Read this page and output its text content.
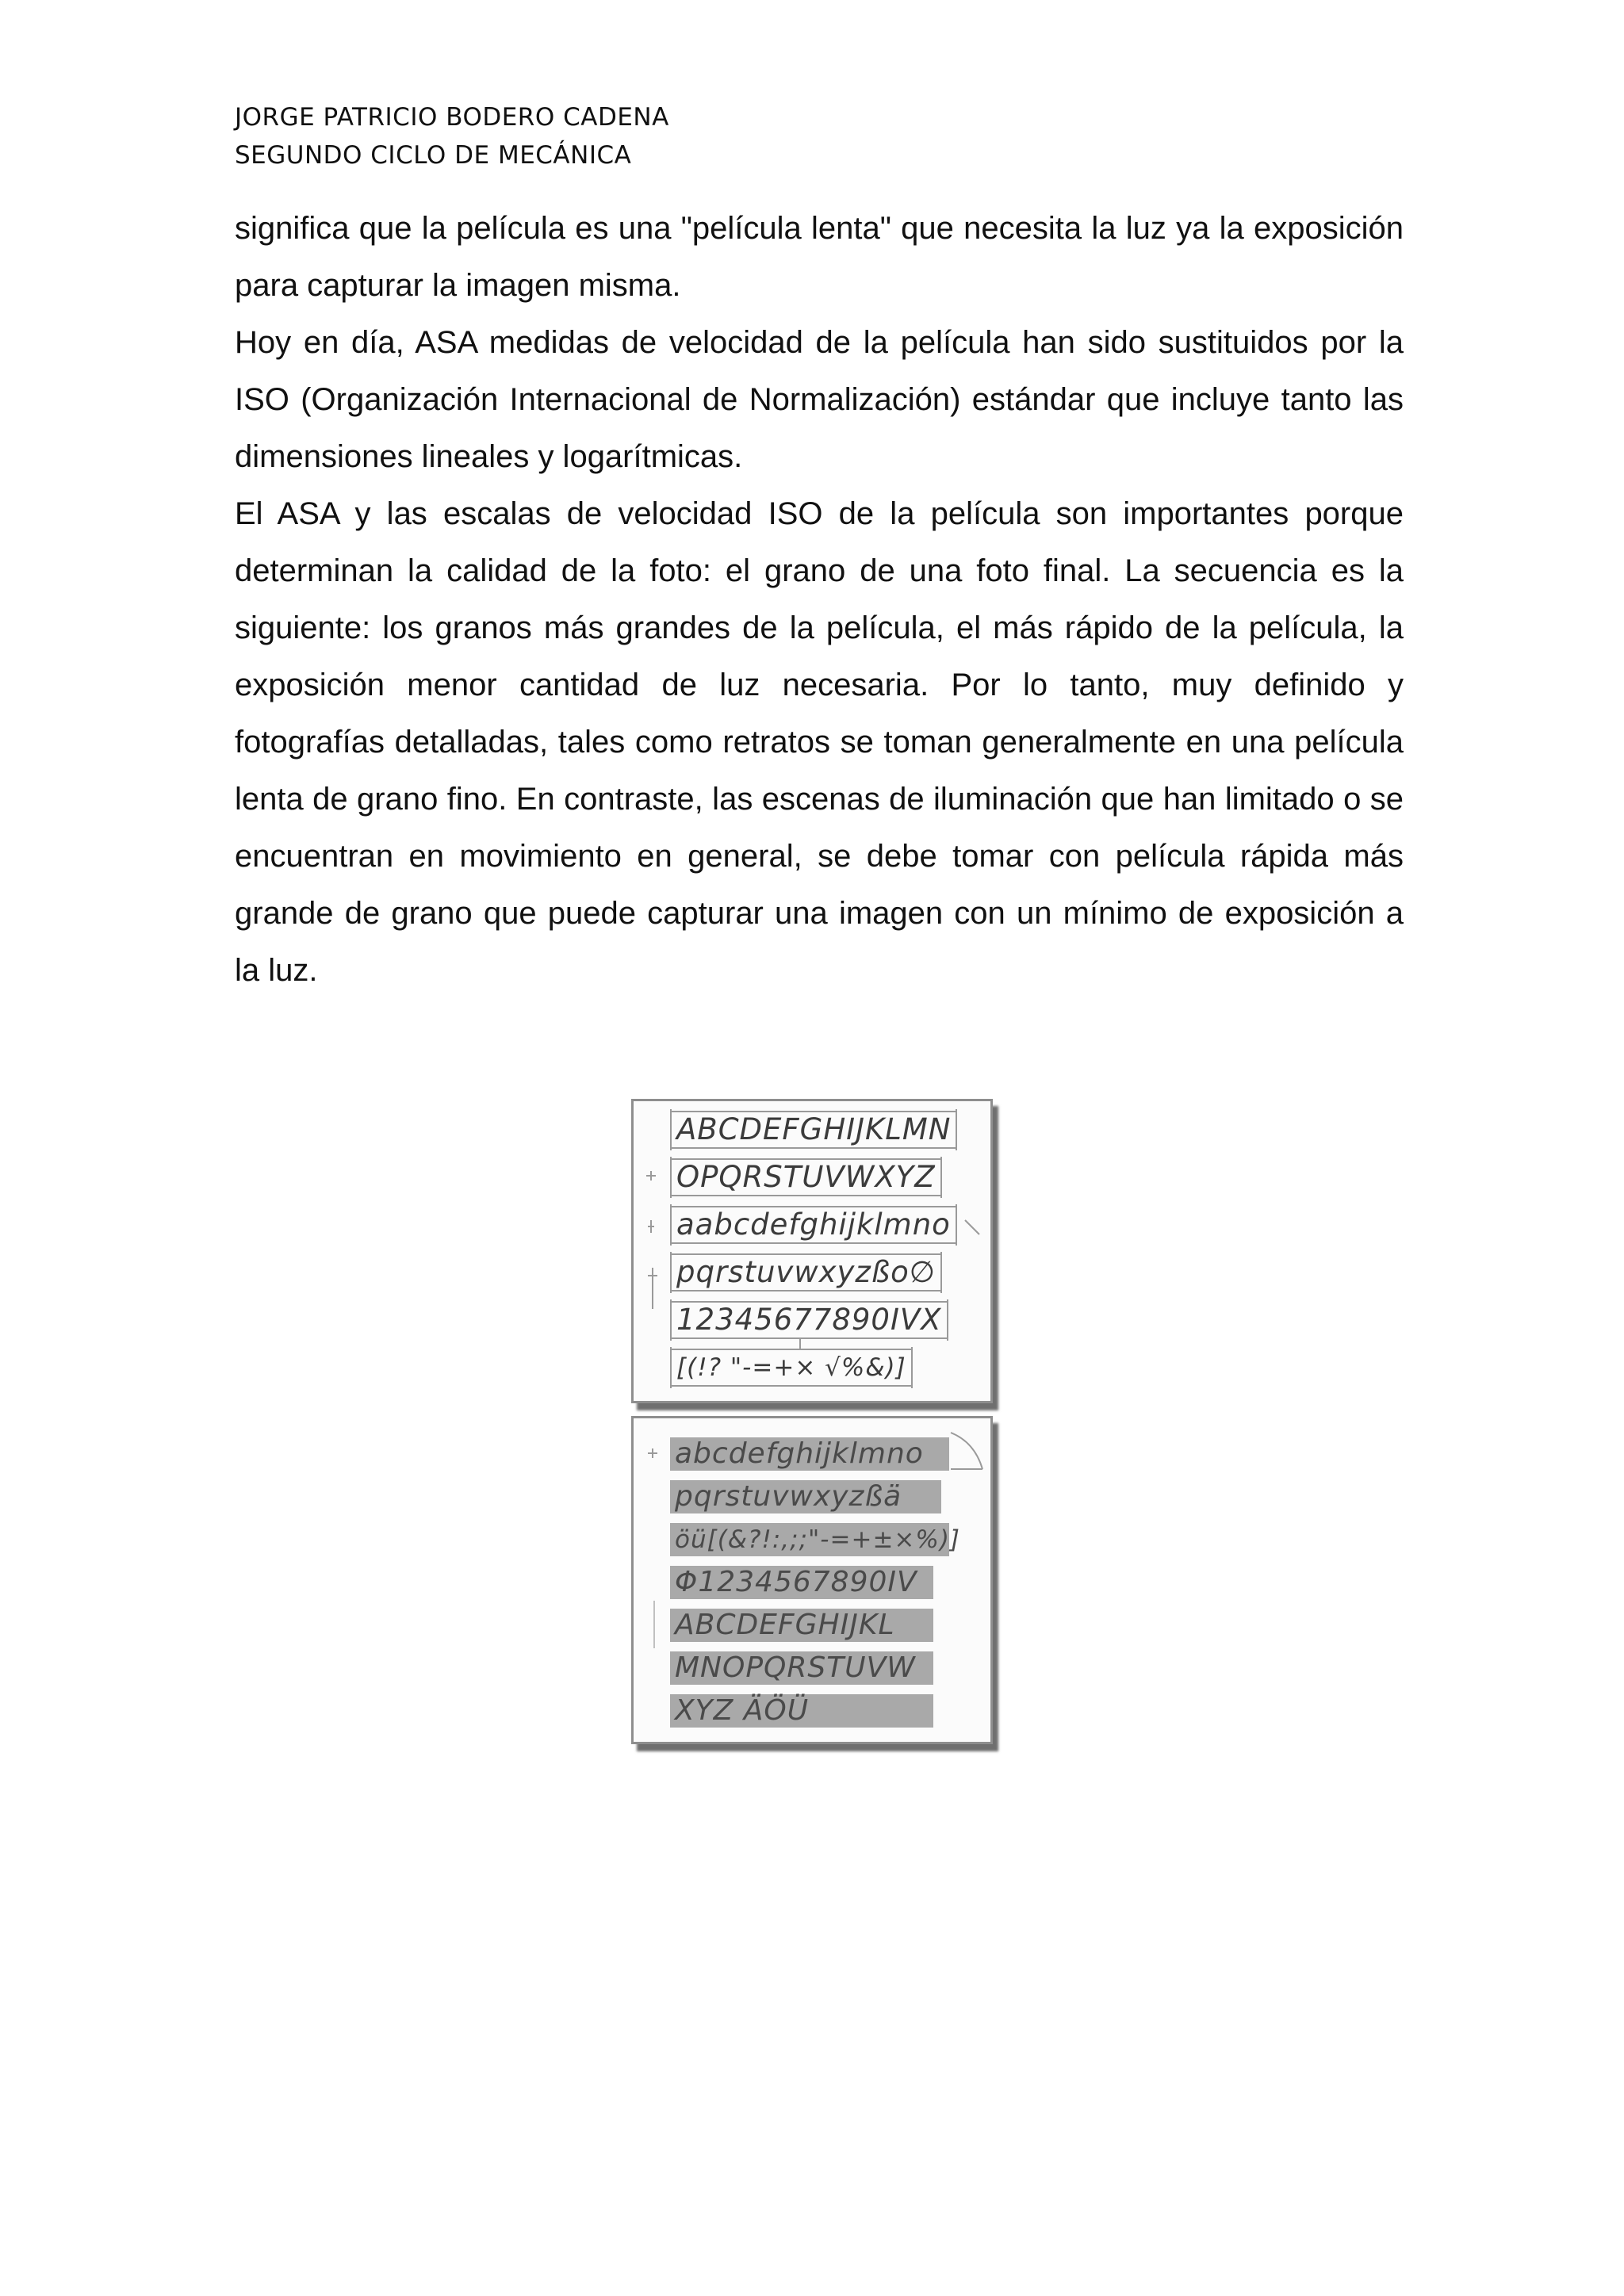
JORGE PATRICIO BODERO CADENA
SEGUNDO CICLO DE MECÁNICA

significa que la película es una "película lenta" que necesita la luz ya la exposición para capturar la imagen misma.

Hoy en día, ASA medidas de velocidad de la película han sido sustituidos por la ISO (Organización Internacional de Normalización) estándar que incluye tanto las dimensiones lineales y logarítmicas.

El ASA y las escalas de velocidad ISO de la película son importantes porque determinan la calidad de la foto: el grano de una foto final. La secuencia es la siguiente: los granos más grandes de la película, el más rápido de la película, la exposición menor cantidad de luz necesaria. Por lo tanto, muy definido y fotografías detalladas, tales como retratos se toman generalmente en una película lenta de grano fino. En contraste, las escenas de iluminación que han limitado o se encuentran en movimiento en general, se debe tomar con película rápida más grande de grano que puede capturar una imagen con un mínimo de exposición a la luz.

ABCDEFGHIJKLMN
OPQRSTUVWXYZ
aabcdefghijklmno
pqrstuvwxyzßo∅
12345677890IVX
[(!? "-=+× √%&)]
abcdefghijklmno
pqrstuvwxyzßä
öü[(&?!:,;;"-=+±×%)]
Φ1234567890IV
ABCDEFGHIJKL
MNOPQRSTUVW
XYZ ÄÖÜ
